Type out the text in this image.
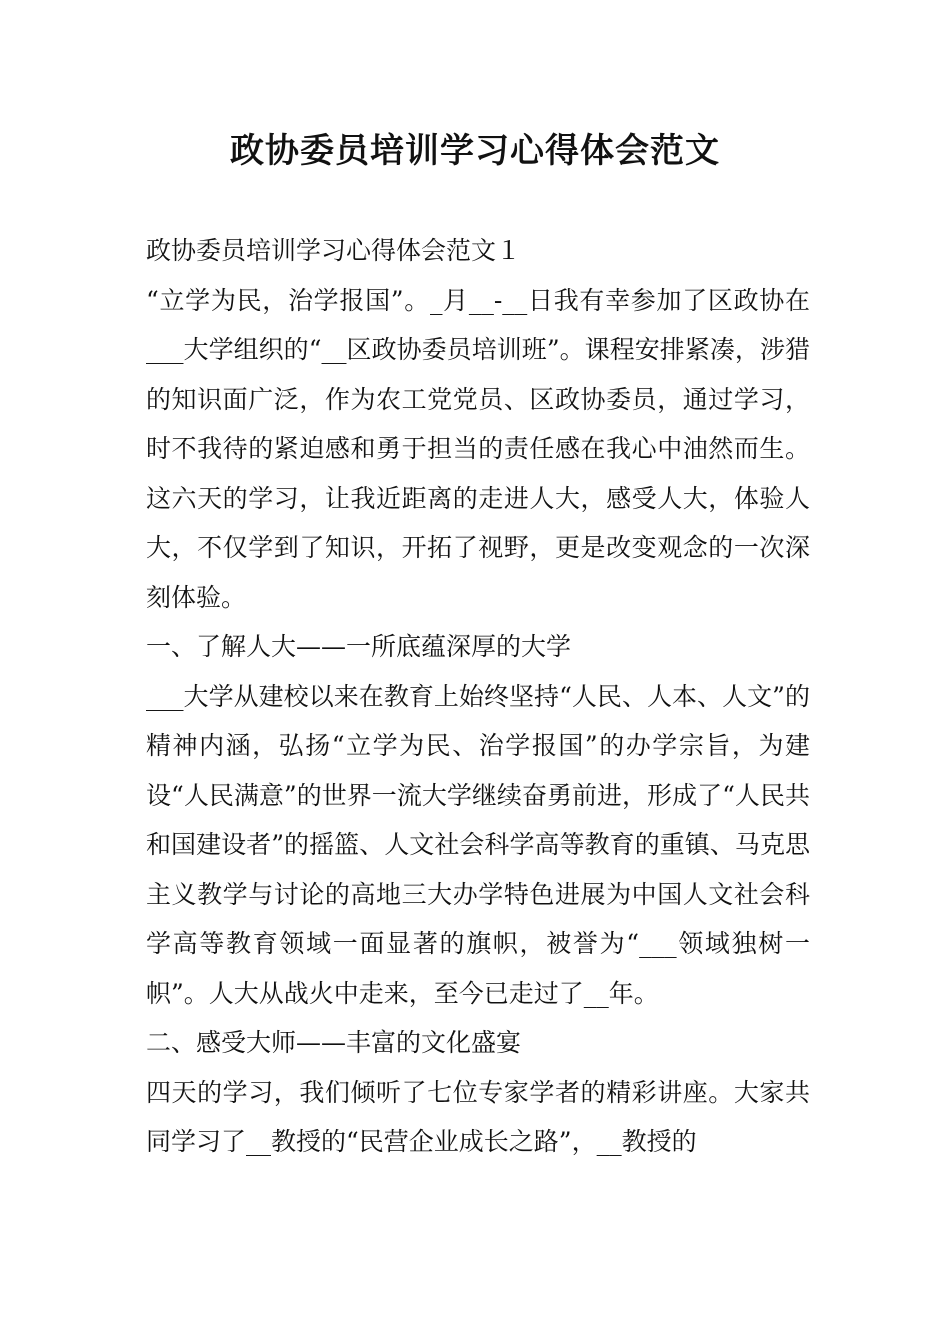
政协委员培训学习心得体会范文

政协委员培训学习心得体会范文１

“立学为民，治学报国”。_月__-__日我有幸参加了区政协在___大学组织的“__区政协委员培训班”。课程安排紧凑，涉猎的知识面广泛，作为农工党党员、区政协委员，通过学习，时不我待的紧迫感和勇于担当的责任感在我心中油然而生。这六天的学习，让我近距离的走进人大，感受人大，体验人大，不仅学到了知识，开拓了视野，更是改变观念的一次深刻体验。

一、了解人大——一所底蕴深厚的大学

___大学从建校以来在教育上始终坚持“人民、人本、人文”的精神内涵，弘扬“立学为民、治学报国”的办学宗旨，为建设“人民满意”的世界一流大学继续奋勇前进，形成了“人民共和国建设者”的摇篮、人文社会科学高等教育的重镇、马克思主义教学与讨论的高地三大办学特色进展为中国人文社会科学高等教育领域一面显著的旗帜，被誉为“___领域独树一帜”。人大从战火中走来，至今已走过了__年。

二、感受大师——丰富的文化盛宴

四天的学习，我们倾听了七位专家学者的精彩讲座。大家共同学习了__教授的“民营企业成长之路”，__教授的
